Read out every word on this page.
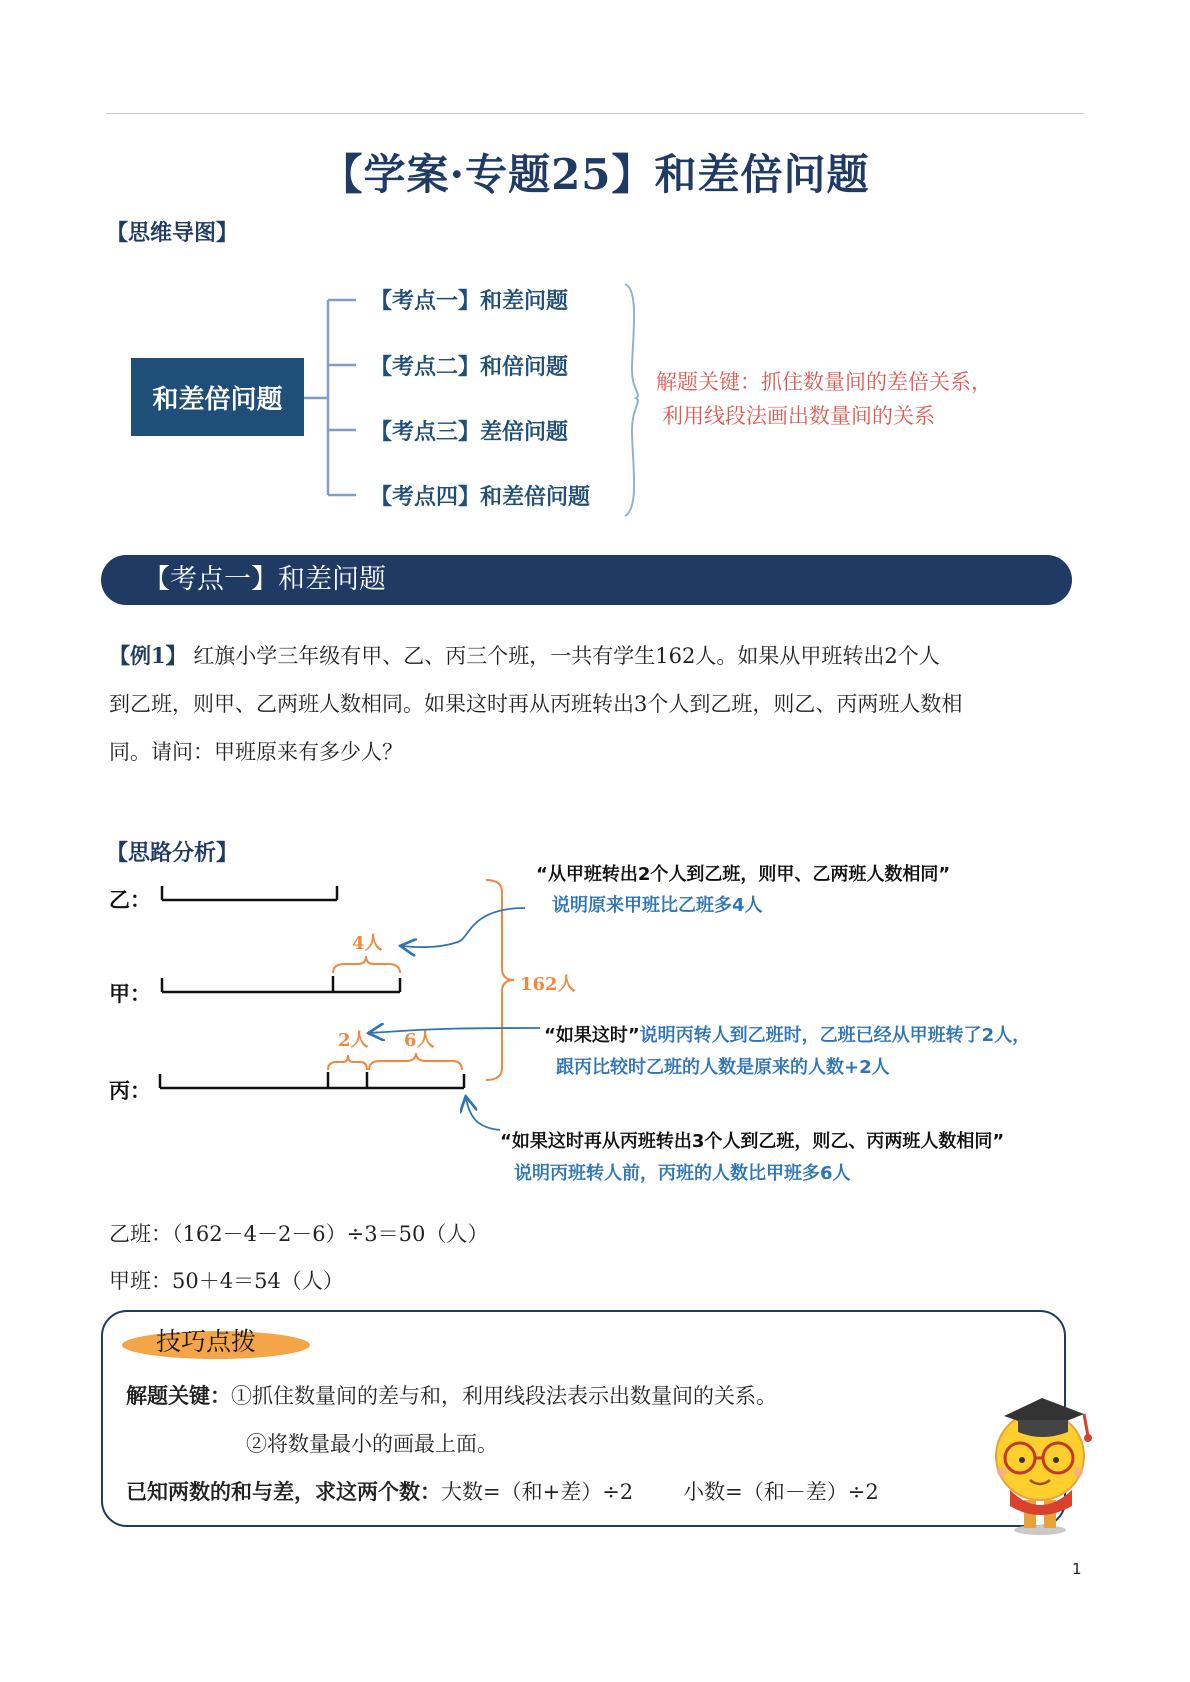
【学案·专题25】和差倍问题
【思维导图】
和差倍问题
【考点一】和差问题
【考点二】和倍问题
【考点三】差倍问题
【考点四】和差倍问题
解题关键：抓住数量间的差倍关系，
利用线段法画出数量间的关系
【考点一】和差问题
【例1】 红旗小学三年级有甲、乙、丙三个班，一共有学生162人。如果从甲班转出2个人
到乙班，则甲、乙两班人数相同。如果这时再从丙班转出3个人到乙班，则乙、丙两班人数相
同。请问：甲班原来有多少人？
【思路分析】
乙：
甲：
丙：
4人
2人 6人
162人
“从甲班转出2个人到乙班，则甲、乙两班人数相同”
说明原来甲班比乙班多4人
“如果这时”说明丙转人到乙班时，乙班已经从甲班转了2人，
跟丙比较时乙班的人数是原来的人数+2人
“如果这时再从丙班转出3个人到乙班，则乙、丙两班人数相同”
说明丙班转人前，丙班的人数比甲班多6人
乙班：（162－4－2－6）÷3＝50（人）
甲班：50＋4＝54（人）
技巧点拨
解题关键：①抓住数量间的差与和，利用线段法表示出数量间的关系。
②将数量最小的画最上面。
已知两数的和与差，求这两个数：大数=（和+差）÷2 小数=（和－差）÷2
1
